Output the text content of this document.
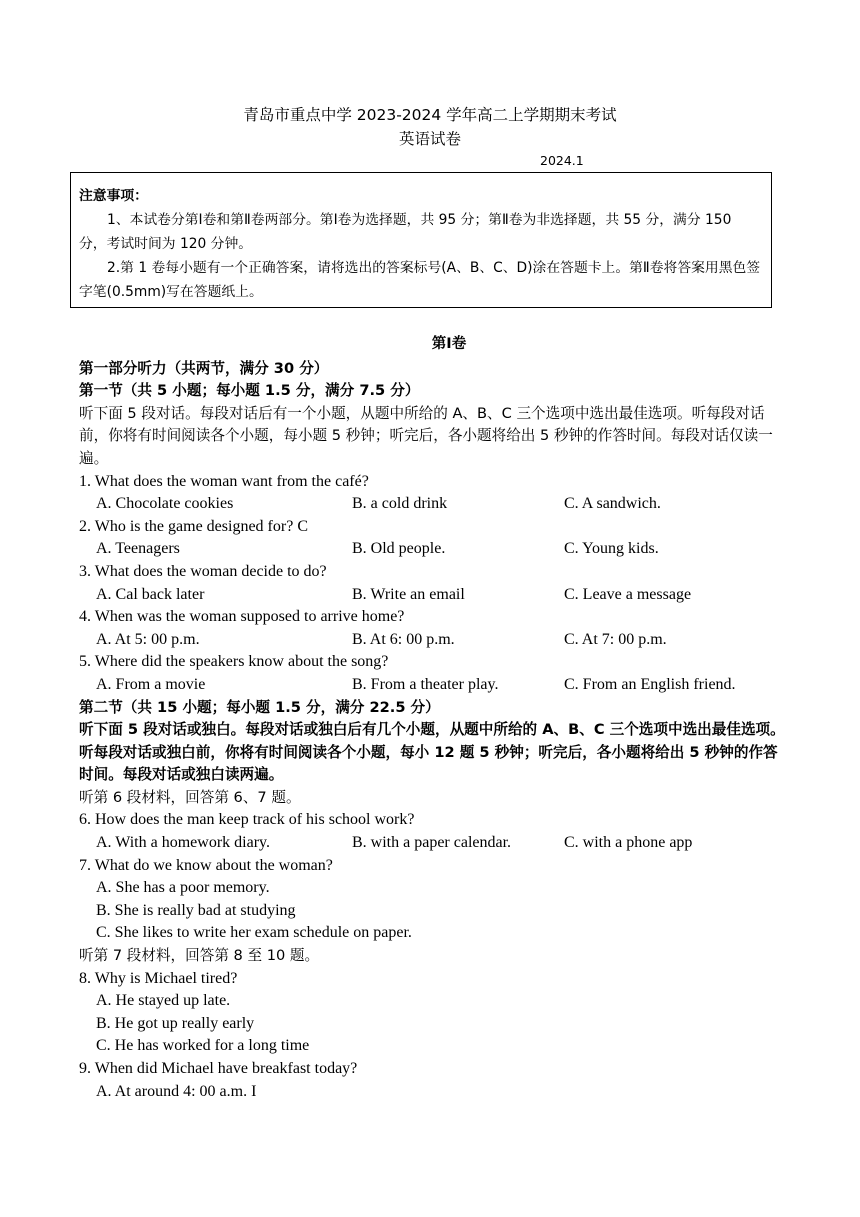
青岛市重点中学 2023-2024 学年高二上学期期末考试
英语试卷
2024.1
注意事项：

1、本试卷分第Ⅰ卷和第Ⅱ卷两部分。第Ⅰ卷为选择题，共 95 分；第Ⅱ卷为非选择题，共 55 分，满分 150 分，考试时间为 120 分钟。

2.第 1 卷每小题有一个正确答案，请将选出的答案标号(A、B、C、D)涂在答题卡上。第Ⅱ卷将答案用黑色签字笔(0.5mm)写在答题纸上。

第Ⅰ卷
第一部分听力（共两节，满分 30 分）
第一节（共 5 小题；每小题 1.5 分，满分 7.5 分）
听下面 5 段对话。每段对话后有一个小题，从题中所给的 A、B、C 三个选项中选出最佳选项。听每段对话前，你将有时间阅读各个小题，每小题 5 秒钟；听完后，各小题将给出 5 秒钟的作答时间。每段对话仅读一遍。
1. What does the woman want from the café?
A. Chocolate cookies	B. a cold drink	C. A sandwich.
2. Who is the game designed for? C
A. Teenagers	B. Old people.	C. Young kids.
3. What does the woman decide to do?
A. Cal back later	B. Write an email	C. Leave a message
4. When was the woman supposed to arrive home?
A. At 5: 00 p.m.	B. At 6: 00 p.m.	C. At 7: 00 p.m.
5. Where did the speakers know about the song?
A. From a movie	B. From a theater play.	C. From an English friend.
第二节（共 15 小题；每小题 1.5 分，满分 22.5 分）
听下面 5 段对话或独白。每段对话或独白后有几个小题，从题中所给的 A、B、C 三个选项中选出最佳选项。听每段对话或独白前，你将有时间阅读各个小题，每小 12 题 5 秒钟；听完后，各小题将给出 5 秒钟的作答时间。每段对话或独白读两遍。
听第 6 段材料，回答第 6、7 题。
6. How does the man keep track of his school work?
A. With a homework diary.	B. with a paper calendar.	C. with a phone app
7. What do we know about the woman?
A. She has a poor memory.
B. She is really bad at studying
C. She likes to write her exam schedule on paper.
听第 7 段材料，回答第 8 至 10 题。
8. Why is Michael tired?
A. He stayed up late.
B. He got up really early
C. He has worked for a long time
9. When did Michael have breakfast today?
A. At around 4: 00 a.m. I
